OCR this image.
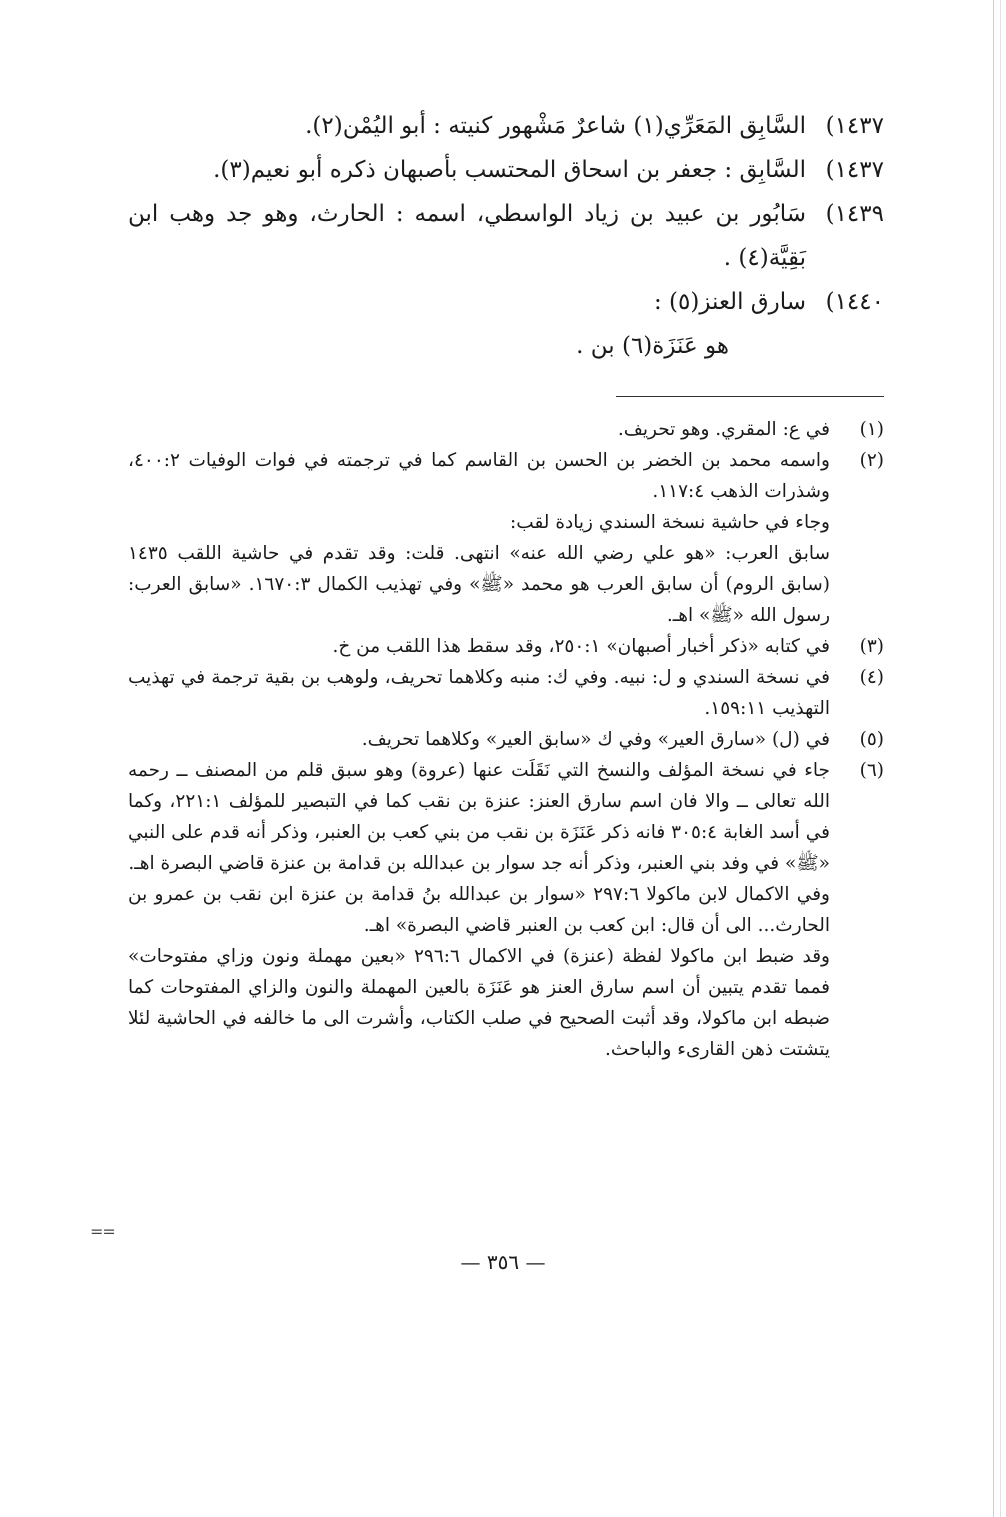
١٤٣٧)
السَّابِق المَعَرِّي(١) شاعرٌ مَشْهور كنيته : أبو اليُمْن(٢).
١٤٣٧)
السَّابِق : جعفر بن اسحاق المحتسب بأصبهان ذكره أبو نعيم(٣).
١٤٣٩)
سَابُور بن عبيد بن زياد الواسطي، اسمه : الحارث، وهو جد وهب ابن بَقِيَّة(٤) .
١٤٤٠)
سارق العنز(٥) :
هو عَنَزَة(٦) بن .
(١)
في ع: المقري. وهو تحريف.
(٢)
واسمه محمد بن الخضر بن الحسن بن القاسم كما في ترجمته في فوات الوفيات ٤٠٠:٢، وشذرات الذهب ١١٧:٤.
وجاء في حاشية نسخة السندي زيادة لقب:
سابق العرب: «هو علي رضي الله عنه» انتهى. قلت: وقد تقدم في حاشية اللقب ١٤٣٥ (سابق الروم) أن سابق العرب هو محمد «ﷺ» وفي تهذيب الكمال ١٦٧٠:٣. «سابق العرب: رسول الله «ﷺ» اهـ.
(٣)
في كتابه «ذكر أخبار أصبهان» ٢٥٠:١، وقد سقط هذا اللقب من خ.
(٤)
في نسخة السندي و ل: نبيه. وفي ك: منبه وكلاهما تحريف، ولوهب بن بقية ترجمة في تهذيب التهذيب ١٥٩:١١.
(٥)
في (ل) «سارق العير» وفي ك «سابق العير» وكلاهما تحريف.
(٦)
جاء في نسخة المؤلف والنسخ التي نَقَلَت عنها (عروة) وهو سبق قلم من المصنف ــ رحمه الله تعالى ــ والا فان اسم سارق العنز: عنزة بن نقب كما في التبصير للمؤلف ٢٢١:١، وكما في أسد الغابة ٣٠٥:٤ فانه ذكر عَنَزَة بن نقب من بني كعب بن العنبر، وذكر أنه قدم على النبي «ﷺ» في وفد بني العنبر، وذكر أنه جد سوار بن عبدالله بن قدامة بن عنزة قاضي البصرة اهـ.
وفي الاكمال لابن ماكولا ٢٩٧:٦ «سوار بن عبدالله بنُ قدامة بن عنزة ابن نقب بن عمرو بن الحارث... الى أن قال: ابن كعب بن العنبر قاضي البصرة» اهـ.
وقد ضبط ابن ماكولا لفظة (عنزة) في الاكمال ٢٩٦:٦ «بعين مهملة ونون وزاي مفتوحات» فمما تقدم يتبين أن اسم سارق العنز هو عَنَزَة بالعين المهملة والنون والزاي المفتوحات كما ضبطه ابن ماكولا، وقد أثبت الصحيح في صلب الكتاب، وأشرت الى ما خالفه في الحاشية لئلا يتشتت ذهن القارىء والباحث.
==
— ٣٥٦ —
